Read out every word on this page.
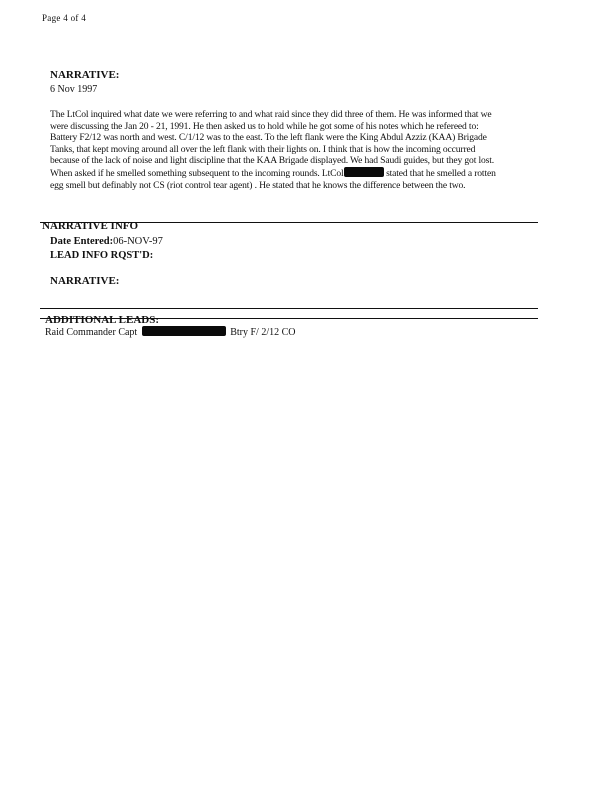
Page 4 of 4
NARRATIVE:
6 Nov 1997
The LtCol inquired what date we were referring to and what raid since they did three of them. He was informed that we were discussing the Jan 20 - 21, 1991. He then asked us to hold while he got some of his notes which he refereed to: Battery F2/12 was north and west. C/1/12 was to the east. To the left flank were the King Abdul Azziz (KAA) Brigade Tanks, that kept moving around all over the left flank with their lights on. I think that is how the incoming occurred because of the lack of noise and light discipline that the KAA Brigade displayed. We had Saudi guides, but they got lost. When asked if he smelled something subsequent to the incoming rounds. LtCol	stated that he smelled a rotten egg smell but definably not CS (riot control tear agent) . He stated that he knows the difference between the two.
NARRATIVE INFO
Date Entered:06-NOV-97
LEAD INFO RQST'D:
NARRATIVE:
ADDITIONAL LEADS:
Raid Commander Capt	Btry F/ 2/12 CO
